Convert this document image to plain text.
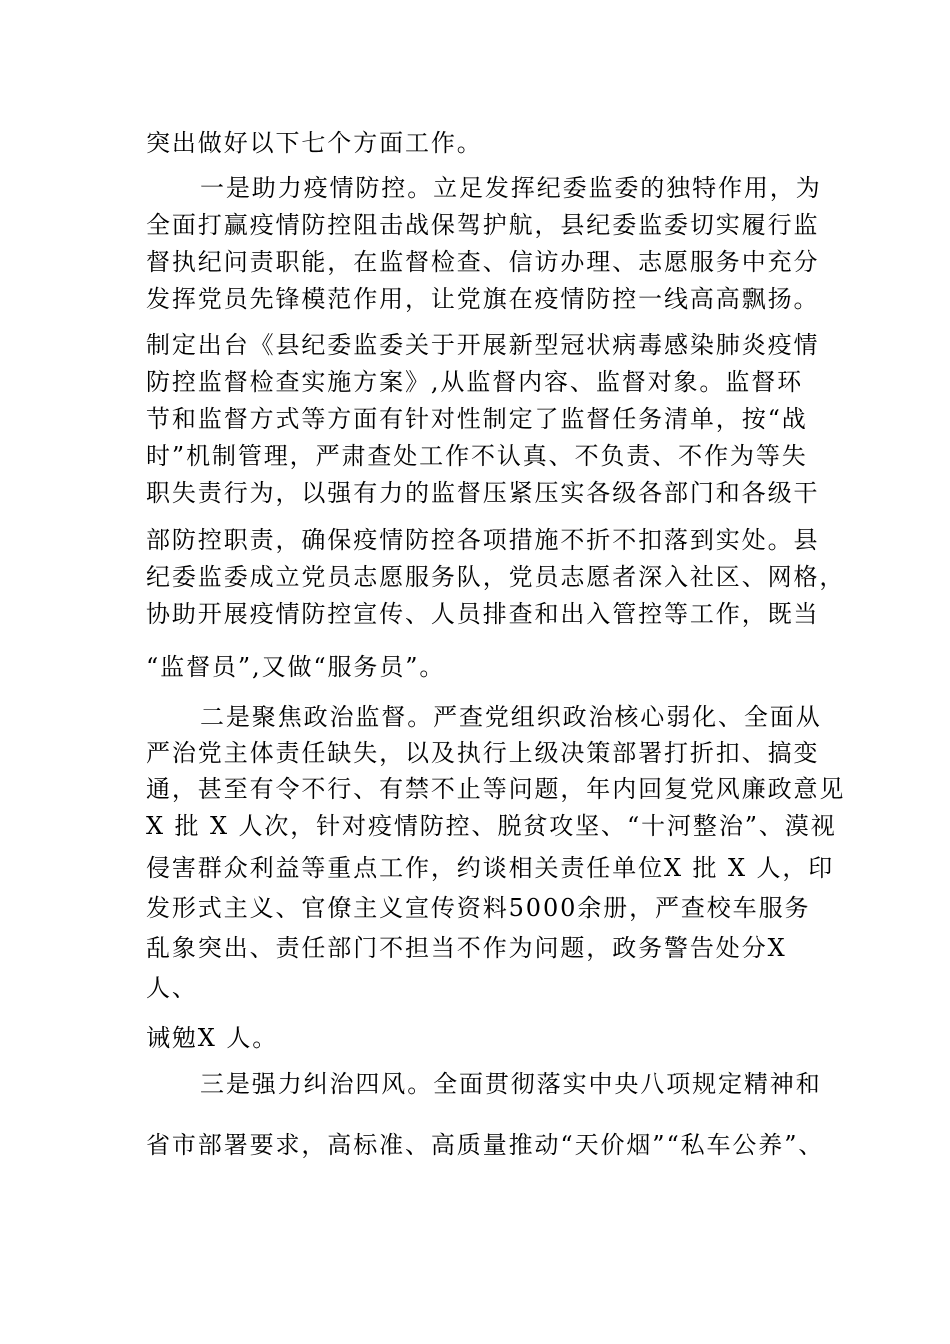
突出做好以下七个方面工作。
一是助力疫情防控。立足发挥纪委监委的独特作用，为
全面打赢疫情防控阻击战保驾护航，县纪委监委切实履行监
督执纪问责职能，在监督检查、信访办理、志愿服务中充分
发挥党员先锋模范作用，让党旗在疫情防控一线高高飘扬。
制定出台《县纪委监委关于开展新型冠状病毒感染肺炎疫情
防控监督检查实施方案》,从监督内容、监督对象。监督环
节和监督方式等方面有针对性制定了监督任务清单，按“战
时”机制管理，严肃查处工作不认真、不负责、不作为等失
职失责行为，以强有力的监督压紧压实各级各部门和各级干
部防控职责，确保疫情防控各项措施不折不扣落到实处。县
纪委监委成立党员志愿服务队，党员志愿者深入社区、网格，
协助开展疫情防控宣传、人员排查和出入管控等工作，既当
“监督员”,又做“服务员”。
二是聚焦政治监督。严查党组织政治核心弱化、全面从
严治党主体责任缺失，以及执行上级决策部署打折扣、搞变
通，甚至有令不行、有禁不止等问题，年内回复党风廉政意见
X 批 X 人次，针对疫情防控、脱贫攻坚、“十河整治”、漠视
侵害群众利益等重点工作，约谈相关责任单位X 批 X 人，印
发形式主义、官僚主义宣传资料5000余册，严查校车服务
乱象突出、责任部门不担当不作为问题，政务警告处分X
人、
诫勉X 人。
三是强力纠治四风。全面贯彻落实中央八项规定精神和
省市部署要求，高标准、高质量推动“天价烟”“私车公养”、
